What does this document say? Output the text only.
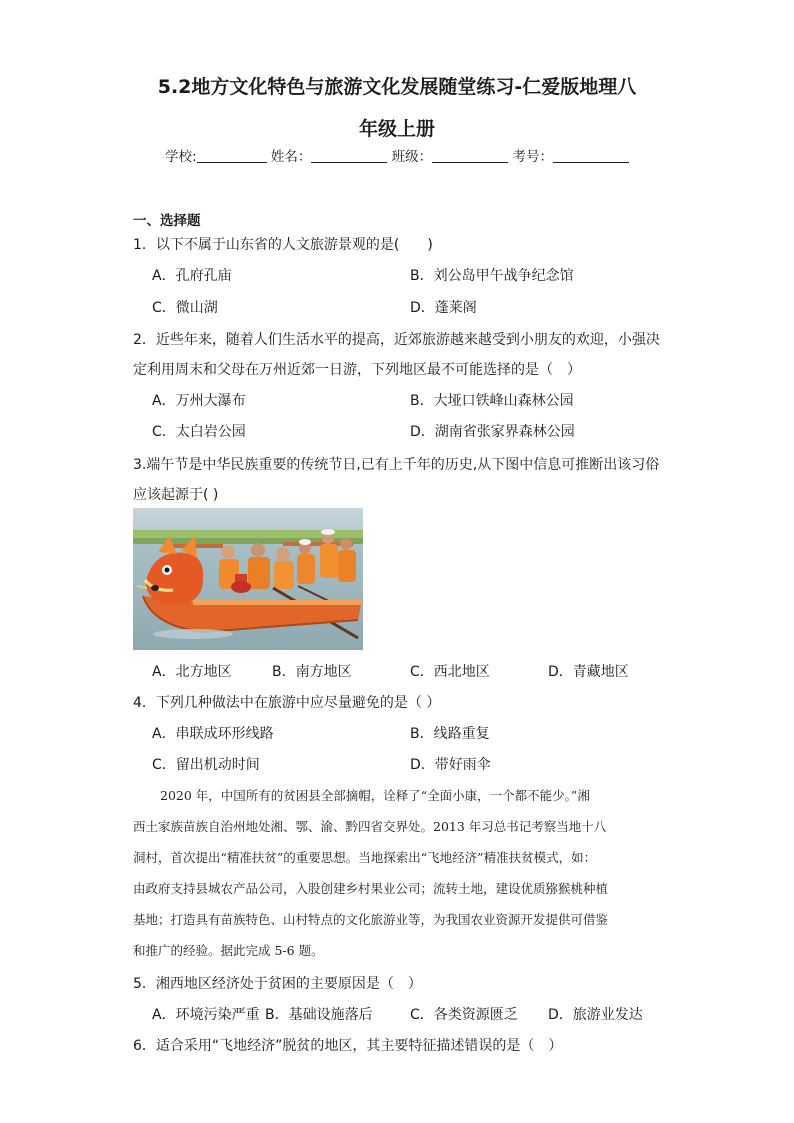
5.2地方文化特色与旅游文化发展随堂练习-仁爱版地理八
年级上册
学校:	姓名：	班级：	考号：
一、选择题
1．以下不属于山东省的人文旅游景观的是(　　)
A．孔府孔庙	B．刘公岛甲午战争纪念馆
C．微山湖	D．蓬莱阁
2．近些年来，随着人们生活水平的提高，近郊旅游越来越受到小朋友的欢迎，小强决
定利用周末和父母在万州近郊一日游，下列地区最不可能选择的是（　）
A．万州大瀑布	B．大垭口铁峰山森林公园
C．太白岩公园	D．湖南省张家界森林公园
3.端午节是中华民族重要的传统节日,已有上千年的历史,从下图中信息可推断出该习俗
应该起源于( )
A．北方地区	B．南方地区	C．西北地区	D．青藏地区
4．下列几种做法中在旅游中应尽量避免的是（ ）
A．串联成环形线路	B．线路重复
C．留出机动时间	D．带好雨伞
2020 年，中国所有的贫困县全部摘帽，诠释了“全面小康，一个都不能少。”湘
西土家族苗族自治州地处湘、鄂、渝、黔四省交界处。2013 年习总书记考察当地十八
洞村，首次提出“精准扶贫”的重要思想。当地探索出“飞地经济”精准扶贫模式，如：
由政府支持县城农产品公司，入股创建乡村果业公司；流转土地，建设优质猕猴桃种植
基地；打造具有苗族特色、山村特点的文化旅游业等，为我国农业资源开发提供可借鉴
和推广的经验。据此完成 5-6 题。
5．湘西地区经济处于贫困的主要原因是（　）
A．环境污染严重 B．基础设施落后	C．各类资源匮乏 D．旅游业发达
6．适合采用“飞地经济”脱贫的地区，其主要特征描述错误的是（　）
